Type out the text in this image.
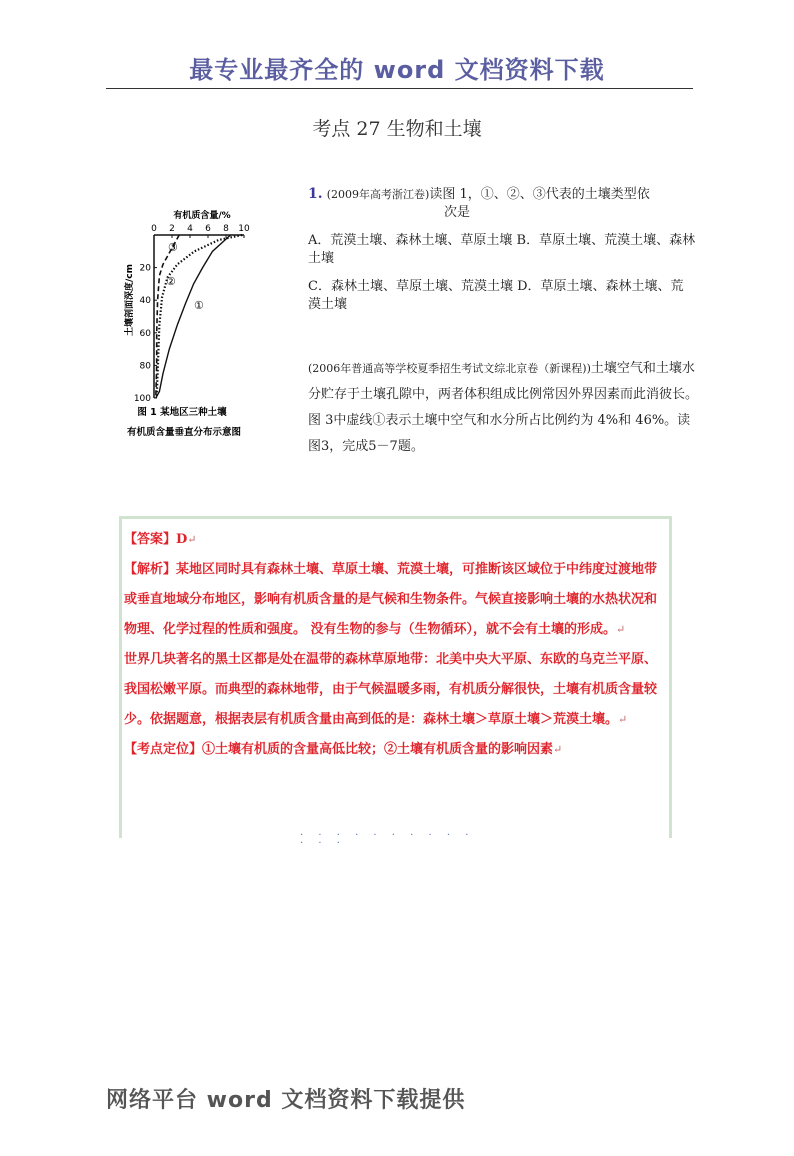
最专业最齐全的 word 文档资料下载
考点 27 生物和土壤
有机质含量/%
0 2 4 6 8 10
土壤剖面深度/cm 20
40
60
80
100
③
②
①
图 1 某地区三种土壤
有机质含量垂直分布示意图
1. (2009年高考浙江卷)读图 1，①、②、③代表的土壤类型依
次是
A．荒漠土壤、森林土壤、草原土壤 B．草原土壤、荒漠土壤、森林土壤
C．森林土壤、草原土壤、荒漠土壤 D．草原土壤、森林土壤、荒漠土壤
(2006年普通高等学校夏季招生考试文综北京卷（新课程))土壤空气和土壤水分贮存于土壤孔隙中，两者体积组成比例常因外界因素而此消彼长。图 3中虚线①表示土壤中空气和水分所占比例约为 4%和 46%。读图3，完成5－7题。
【答案】D↵
【解析】某地区同时具有森林土壤、草原土壤、荒漠土壤，可推断该区域位于中纬度过渡地带或垂直地域分布地区，影响有机质含量的是气候和生物条件。气候直接影响土壤的水热状况和物理、化学过程的性质和强度。 没有生物的参与（生物循环），就不会有土壤的形成。↵
世界几块著名的黑土区都是处在温带的森林草原地带：北美中央大平原、东欧的乌克兰平原、我国松嫩平原。而典型的森林地带，由于气候温暖多雨，有机质分解很快，土壤有机质含量较少。依据题意，根据表层有机质含量由高到低的是：森林土壤＞草原土壤＞荒漠土壤。↵
【考点定位】①土壤有机质的含量高低比较；②土壤有机质含量的影响因素↵
· · · · · · · · · · · · ·
网络平台 word 文档资料下载提供
